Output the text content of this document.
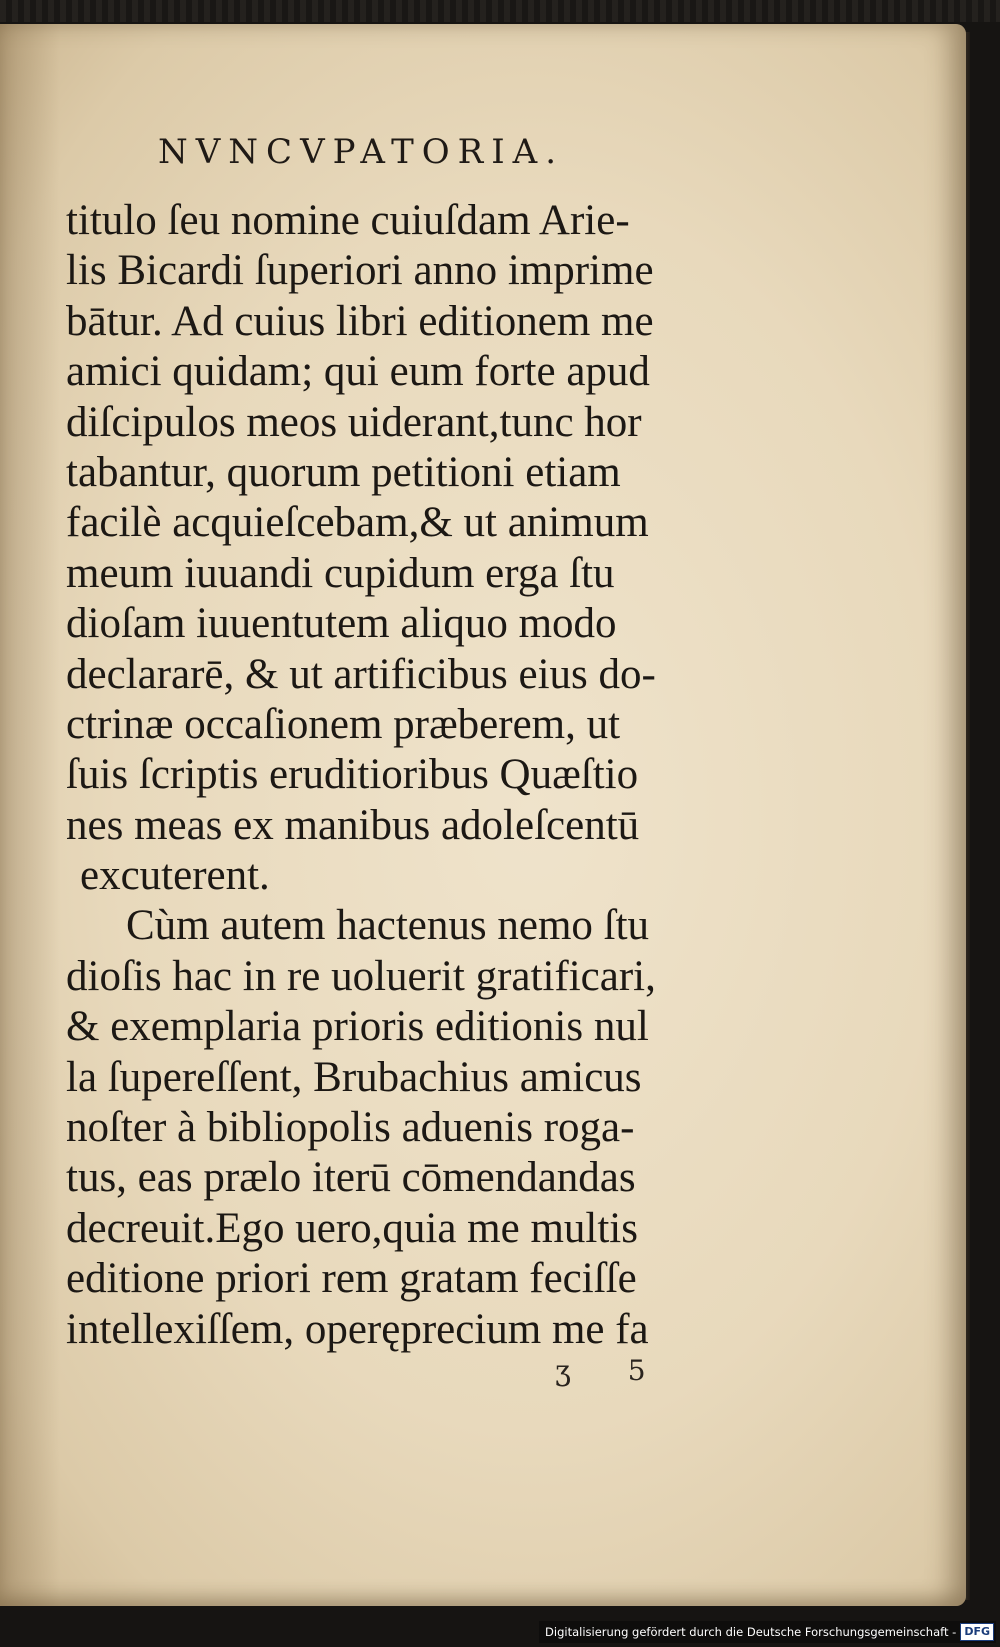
NVNCVPATORIA.
titulo ſeu nomine cuiuſdam Arie-
lis Bicardi ſuperiori anno imprime
bātur. Ad cuius libri editionem me
amici quidam; qui eum forte apud
diſcipulos meos uiderant,tunc hor
tabantur, quorum petitioni etiam
facilè acquieſcebam,& ut animum
meum iuuandi cupidum erga ſtu
dioſam iuuentutem aliquo modo
declararē, & ut artificibus eius do-
ctrinæ occaſionem præberem, ut
ſuis ſcriptis eruditioribus Quæſtio
nes meas ex manibus adoleſcentū
excuterent.
Cùm autem hactenus nemo ſtu
dioſis hac in re uoluerit gratificari,
& exemplaria prioris editionis nul
la ſupereſſent, Brubachius amicus
noſter à bibliopolis aduenis roga-
tus, eas prælo iterū cōmendandas
decreuit.Ego uero,quia me multis
editione priori rem gratam feciſſe
intellexiſſem, operęprecium me fa
ʒ 5
Digitalisierung gefördert durch die Deutsche Forschungsgemeinschaft - DFG
